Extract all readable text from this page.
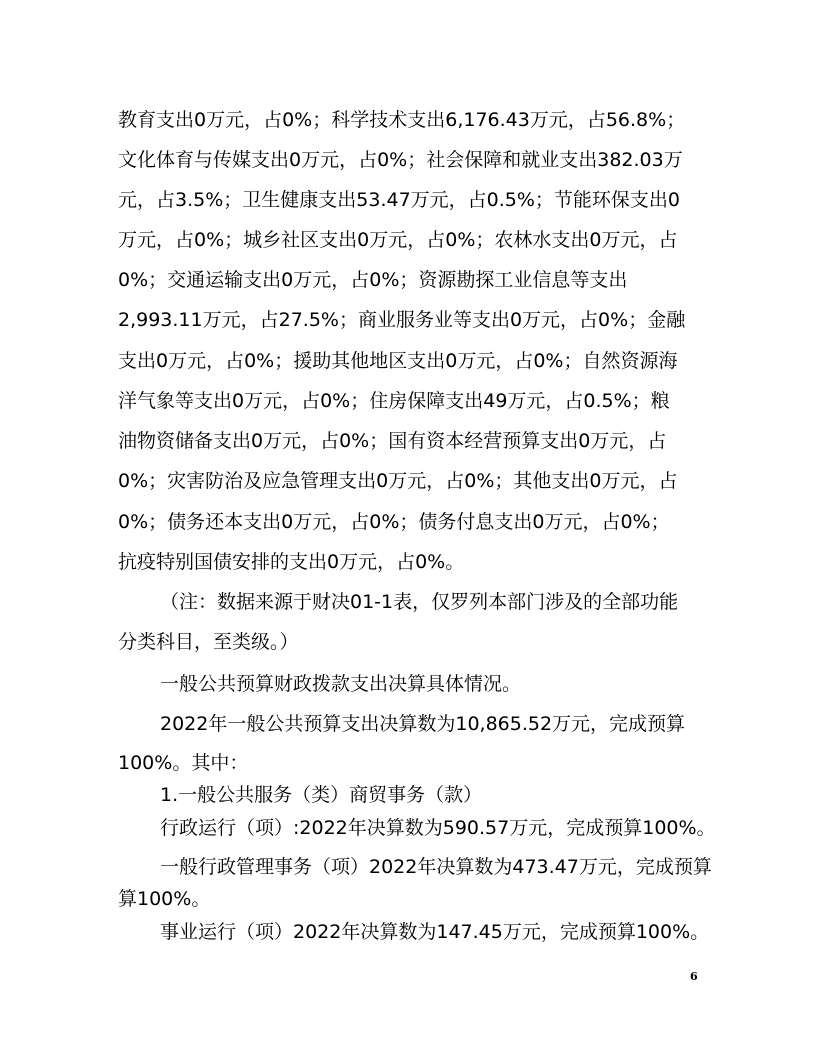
教育支出0万元，占0%；科学技术支出6,176.43万元，占56.8%；
文化体育与传媒支出0万元，占0%；社会保障和就业支出382.03万
元，占3.5%；卫生健康支出53.47万元，占0.5%；节能环保支出0
万元，占0%；城乡社区支出0万元，占0%；农林水支出0万元，占
0%；交通运输支出0万元，占0%；资源勘探工业信息等支出
2,993.11万元，占27.5%；商业服务业等支出0万元，占0%；金融
支出0万元，占0%；援助其他地区支出0万元，占0%；自然资源海
洋气象等支出0万元，占0%；住房保障支出49万元，占0.5%；粮
油物资储备支出0万元，占0%；国有资本经营预算支出0万元，占
0%；灾害防治及应急管理支出0万元，占0%；其他支出0万元，占
0%；债务还本支出0万元，占0%；债务付息支出0万元，占0%；
抗疫特别国债安排的支出0万元，占0%。
（注：数据来源于财决01-1表，仅罗列本部门涉及的全部功能
分类科目，至类级。）
一般公共预算财政拨款支出决算具体情况。
2022年一般公共预算支出决算数为10,865.52万元，完成预算
100%。其中：
1.一般公共服务（类）商贸事务（款）
行政运行（项）:2022年决算数为590.57万元，完成预算100%。
一般行政管理事务（项）2022年决算数为473.47万元，完成预算
算100%。
事业运行（项）2022年决算数为147.45万元，完成预算100%。
6
